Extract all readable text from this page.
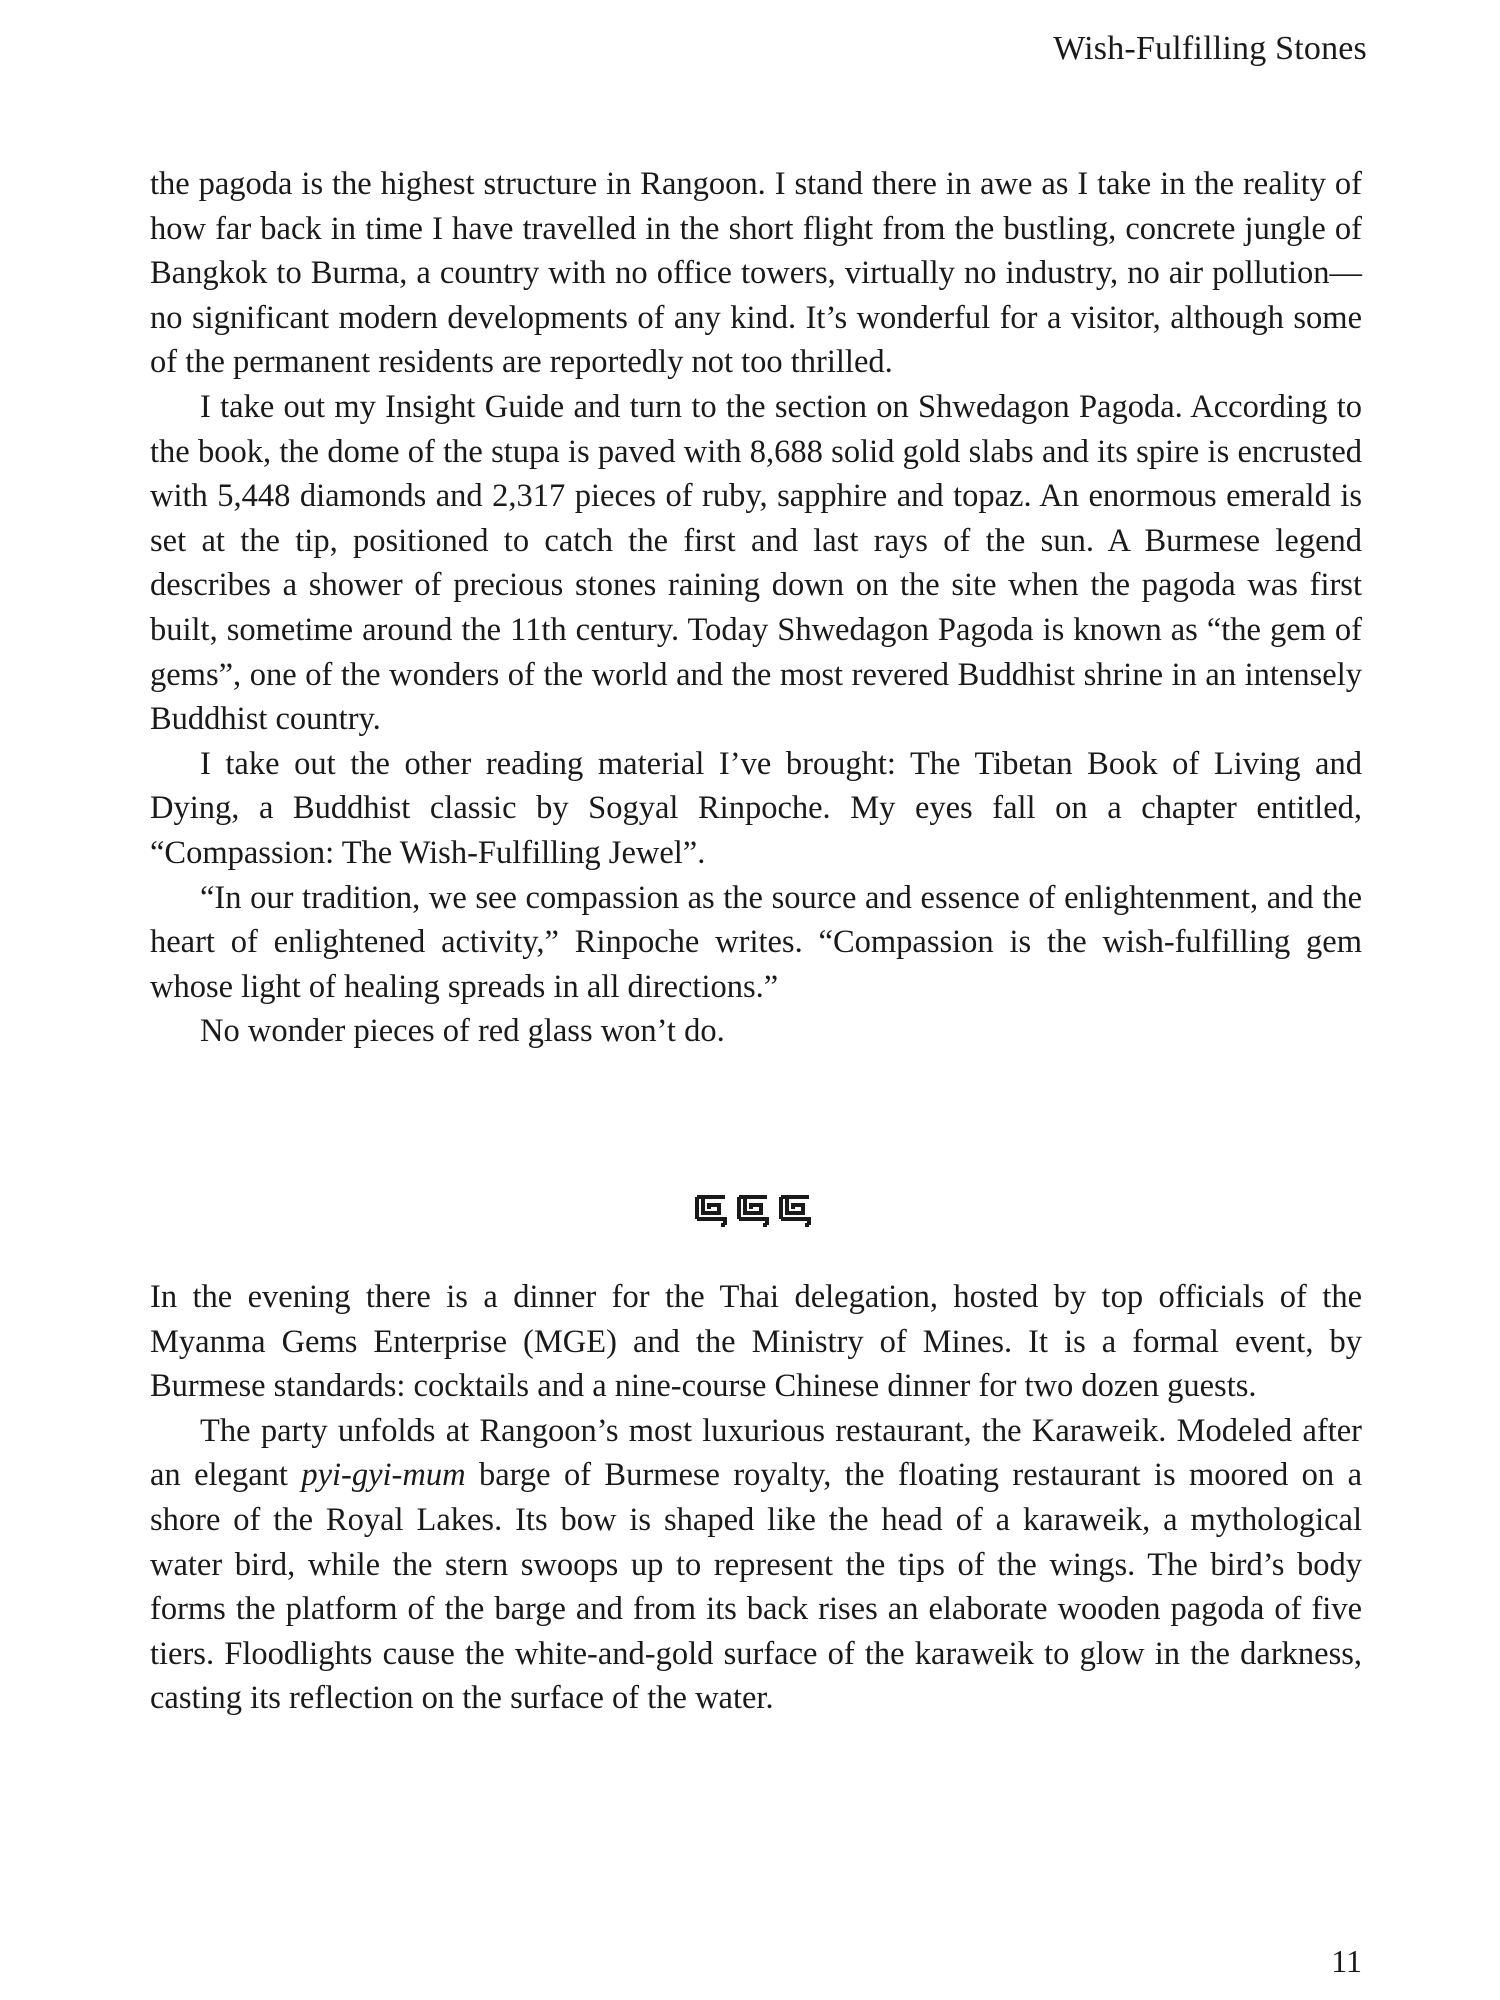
Wish-Fulfilling Stones

the pagoda is the highest structure in Rangoon. I stand there in awe as I take in the reality of how far back in time I have travelled in the short flight from the bustling, concrete jungle of Bangkok to Burma, a country with no office towers, virtually no industry, no air pollution—no significant modern developments of any kind. It’s wonderful for a visitor, although some of the permanent residents are reportedly not too thrilled.

I take out my Insight Guide and turn to the section on Shwedagon Pagoda. According to the book, the dome of the stupa is paved with 8,688 solid gold slabs and its spire is encrusted with 5,448 diamonds and 2,317 pieces of ruby, sapphire and topaz. An enormous emerald is set at the tip, positioned to catch the first and last rays of the sun. A Burmese legend describes a shower of precious stones raining down on the site when the pagoda was first built, sometime around the 11th century. Today Shwedagon Pagoda is known as “the gem of gems”, one of the wonders of the world and the most revered Buddhist shrine in an intensely Buddhist country.

I take out the other reading material I’ve brought: The Tibetan Book of Living and Dying, a Buddhist classic by Sogyal Rinpoche. My eyes fall on a chapter entitled, “Compassion: The Wish-Fulfilling Jewel”.

“In our tradition, we see compassion as the source and essence of enlightenment, and the heart of enlightened activity,” Rinpoche writes. “Compassion is the wish-fulfilling gem whose light of healing spreads in all directions.”

No wonder pieces of red glass won’t do.

In the evening there is a dinner for the Thai delegation, hosted by top officials of the Myanma Gems Enterprise (MGE) and the Ministry of Mines. It is a formal event, by Burmese standards: cocktails and a nine-course Chinese dinner for two dozen guests.

The party unfolds at Rangoon’s most luxurious restaurant, the Karaweik. Modeled after an elegant pyi-gyi-mum barge of Burmese royalty, the floating restaurant is moored on a shore of the Royal Lakes. Its bow is shaped like the head of a karaweik, a mythological water bird, while the stern swoops up to represent the tips of the wings. The bird’s body forms the platform of the barge and from its back rises an elaborate wooden pagoda of five tiers. Floodlights cause the white-and-gold surface of the karaweik to glow in the darkness, casting its reflection on the surface of the water.

11
